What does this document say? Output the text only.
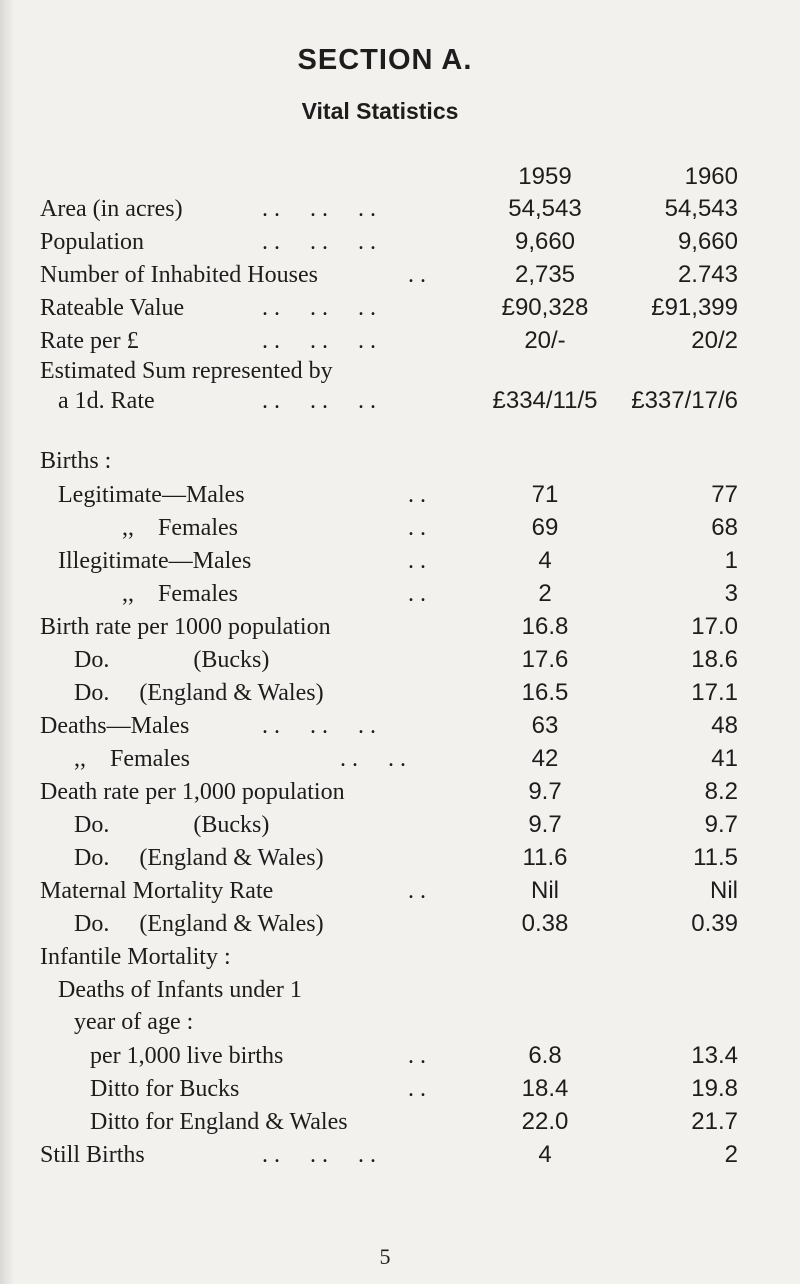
SECTION A.
Vital Statistics
1959	1960
Area (in acres)	. .     . .     . .	54,543	54,543
Population	. .     . .     . .	9,660	9,660
Number of Inhabited Houses	. .	2,735	2.743
Rateable Value	. .     . .     . .	£90,328	£91,399
Rate per £	. .     . .     . .	20/-	20/2
Estimated Sum represented by
a 1d. Rate	. .     . .     . .	£334/11/5	£337/17/6
Births :
Legitimate—Males	. .	71	77
,,    Females	. .	69	68
Illegitimate—Males	. .	4	1
,,    Females	. .	2	3
Birth rate per 1000 population	16.8	17.0
Do.              (Bucks)	17.6	18.6
Do.     (England & Wales)	16.5	17.1
Deaths—Males	. .     . .     . .	63	48
,,    Females	. .     . .	42	41
Death rate per 1,000 population	9.7	8.2
Do.              (Bucks)	9.7	9.7
Do.     (England & Wales)	11.6	11.5
Maternal Mortality Rate	. .	Nil	Nil
Do.     (England & Wales)	0.38	0.39
Infantile Mortality :
Deaths of Infants under 1
year of age :
per 1,000 live births	. .	6.8	13.4
Ditto for Bucks	. .	18.4	19.8
Ditto for England & Wales	22.0	21.7
Still Births	. .     . .     . .	4	2
5
